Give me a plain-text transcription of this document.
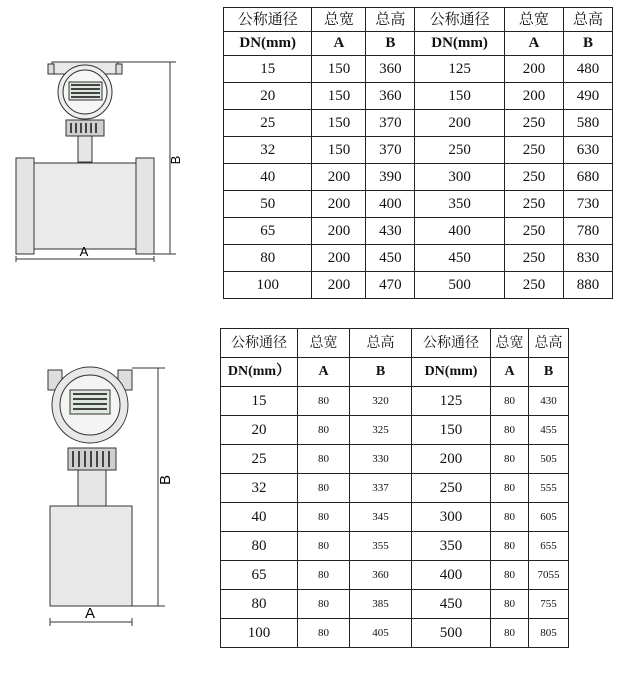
B
A
公称通径	总宽	总高	公称通径	总宽	总高
DN(mm)	A	B	DN(mm)	A	B
15	150	360	125	200	480
20	150	360	150	200	490
25	150	370	200	250	580
32	150	370	250	250	630
40	200	390	300	250	680
50	200	400	350	250	730
65	200	430	400	250	780
80	200	450	450	250	830
100	200	470	500	250	880
B
A
公称通径	总宽	总高	公称通径	总宽	总高
DN(mm）	A	B	DN(mm)	A	B
15	80	320	125	80	430
20	80	325	150	80	455
25	80	330	200	80	505
32	80	337	250	80	555
40	80	345	300	80	605
80	80	355	350	80	655
65	80	360	400	80	7055
80	80	385	450	80	755
100	80	405	500	80	805
